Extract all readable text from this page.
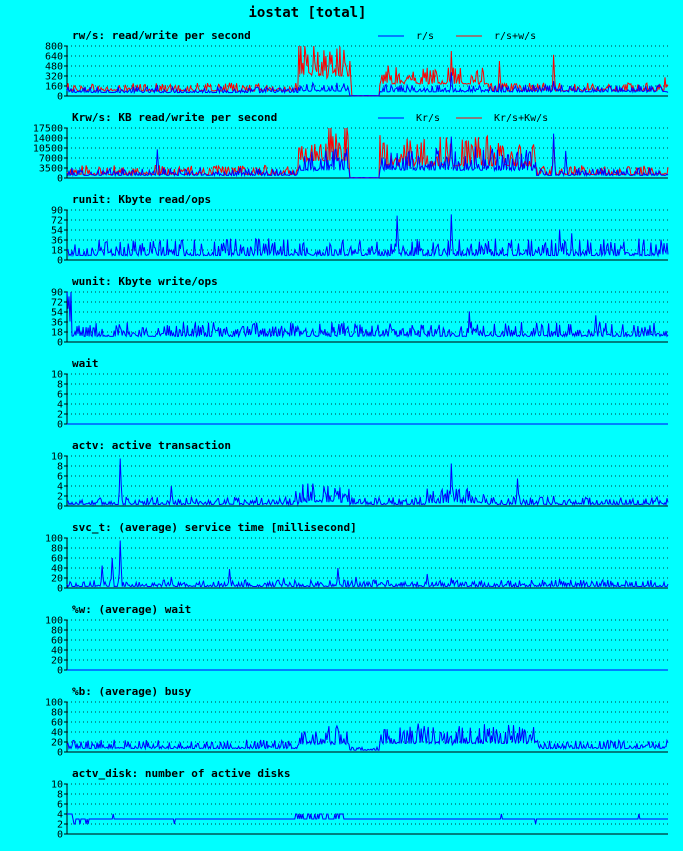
iostat [total]
rw/s: read/write per second	r/s	r/s+w/s
800
640
480
320
160
0
Krw/s: KB read/write per second	Kr/s	Kr/s+Kw/s
17500
14000
10500
7000
3500
0
runit: Kbyte read/ops
90
72
54
36
18
0
wunit: Kbyte write/ops
90
72
54
36
18
0
wait
10
8
6
4
2
0
actv: active transaction
10
8
6
4
2
0
svc_t: (average) service time [millisecond]
100
80
60
40
20
0
%w: (average) wait
100
80
60
40
20
0
%b: (average) busy
100
80
60
40
20
0
actv_disk: number of active disks
10
8
6
4
2
0
